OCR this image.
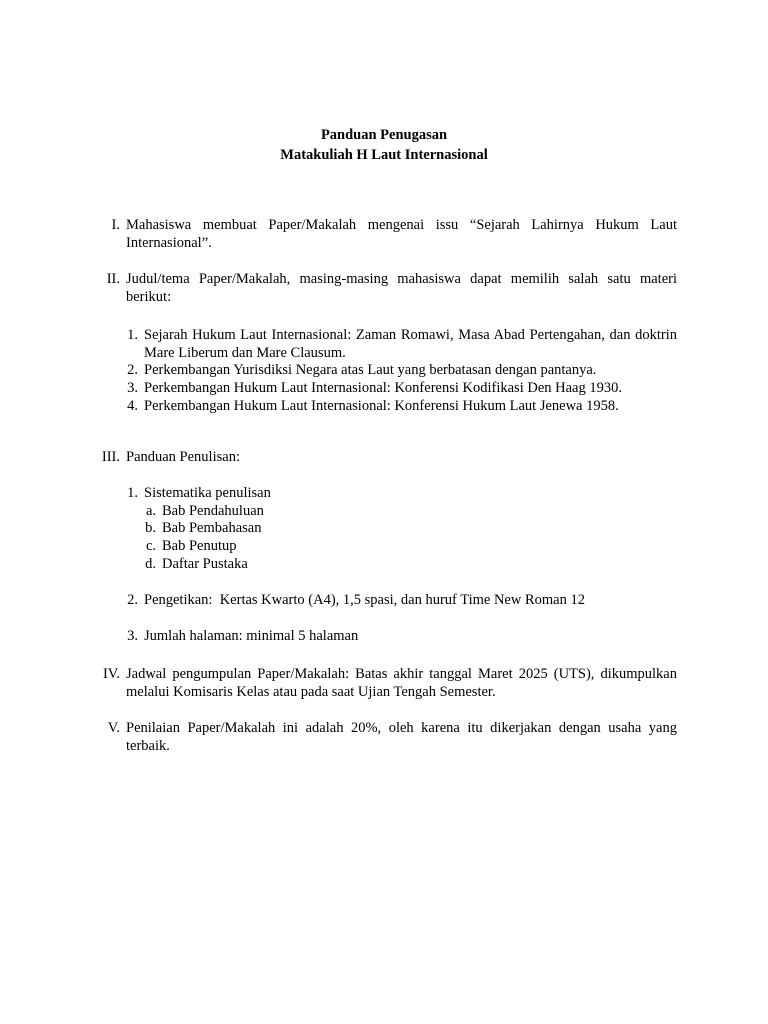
Panduan Penugasan
Matakuliah H Laut Internasional
I. Mahasiswa membuat Paper/Makalah mengenai issu “Sejarah Lahirnya Hukum Laut Internasional”.
II. Judul/tema Paper/Makalah, masing-masing mahasiswa dapat memilih salah satu materi berikut:
1. Sejarah Hukum Laut Internasional: Zaman Romawi, Masa Abad Pertengahan, dan doktrin Mare Liberum dan Mare Clausum.
2. Perkembangan Yurisdiksi Negara atas Laut yang berbatasan dengan pantanya.
3. Perkembangan Hukum Laut Internasional: Konferensi Kodifikasi Den Haag 1930.
4. Perkembangan Hukum Laut Internasional: Konferensi Hukum Laut Jenewa 1958.
III. Panduan Penulisan:
1. Sistematika penulisan
a. Bab Pendahuluan
b. Bab Pembahasan
c. Bab Penutup
d. Daftar Pustaka
2. Pengetikan:  Kertas Kwarto (A4), 1,5 spasi, dan huruf Time New Roman 12
3. Jumlah halaman: minimal 5 halaman
IV. Jadwal pengumpulan Paper/Makalah: Batas akhir tanggal Maret 2025 (UTS), dikumpulkan melalui Komisaris Kelas atau pada saat Ujian Tengah Semester.
V. Penilaian Paper/Makalah ini adalah 20%, oleh karena itu dikerjakan dengan usaha yang terbaik.
